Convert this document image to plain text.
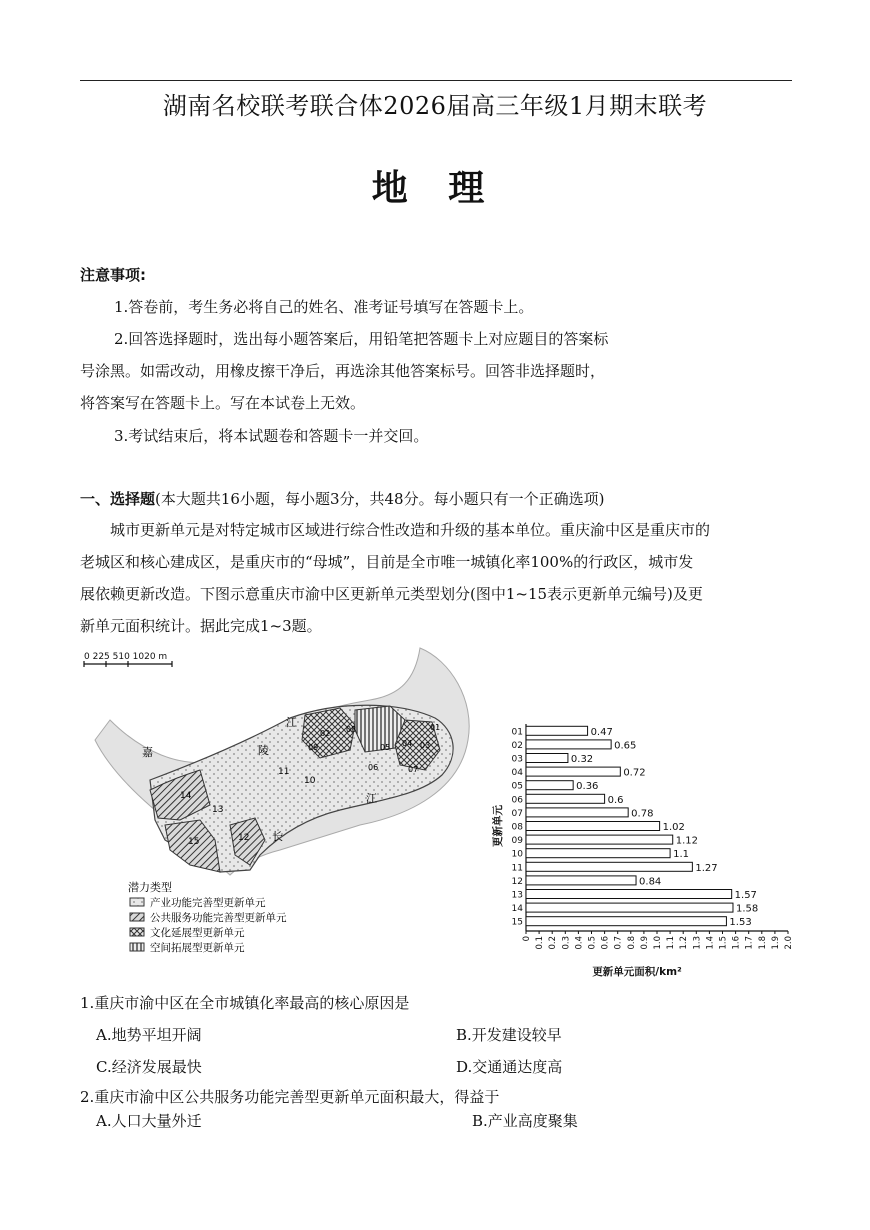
湖南名校联考联合体2026届高三年级1月期末联考
地 理
注意事项:
1.答卷前，考生务必将自己的姓名、准考证号填写在答题卡上。
2.回答选择题时，选出每小题答案后，用铅笔把答题卡上对应题目的答案标
号涂黑。如需改动，用橡皮擦干净后，再选涂其他答案标号。回答非选择题时，
将答案写在答题卡上。写在本试卷上无效。
3.考试结束后，将本试题卷和答题卡一并交回。
一、选择题(本大题共16小题，每小题3分，共48分。每小题只有一个正确选项)
城市更新单元是对特定城市区域进行综合性改造和升级的基本单位。重庆渝中区是重庆市的
老城区和核心建成区，是重庆市的“母城”，目前是全市唯一城镇化率100%的行政区，城市发
展依赖更新改造。下图示意重庆市渝中区更新单元类型划分(图中1~15表示更新单元编号)及更
新单元面积统计。据此完成1~3题。
0 225 510 1020 m
嘉	陵
江
长
江	01
02
03
04
05
06	07
08
09
10
11
12
13
14
15
潜力类型
产业功能完善型更新单元
公共服务功能完善型更新单元
文化延展型更新单元
空间拓展型更新单元
01	0.47
02	0.65
03	0.32
04	0.72
05	0.36
06	0.6
07	0.78
08	1.02
09	1.12
10	1.1
11	1.27
12	0.84
13	1.57
14	1.58
15	1.53
0 0.1 0.2 0.3 0.4 0.5 0.6 0.7 0.8 0.9 1.0 1.1 1.2 1.3 1.4 1.5 1.6 1.7 1.8 1.9 2.0
更新单元面积/km²
更新单元
1.重庆市渝中区在全市城镇化率最高的核心原因是
A.地势平坦开阔	B.开发建设较早
C.经济发展最快	D.交通通达度高
2.重庆市渝中区公共服务功能完善型更新单元面积最大，得益于
A.人口大量外迁	B.产业高度聚集
